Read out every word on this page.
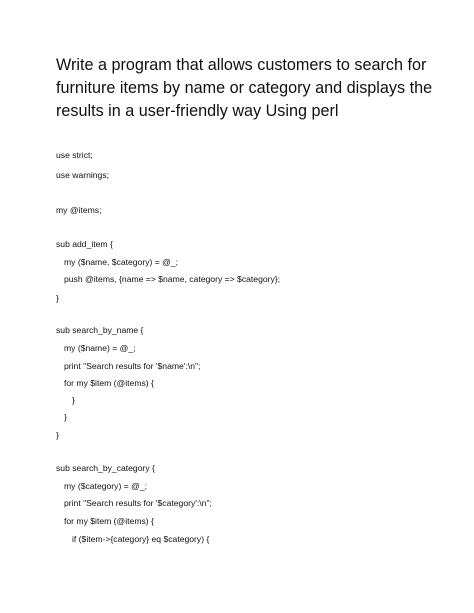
Write a program that allows customers to search for
furniture items by name or category and displays the
results in a user-friendly way Using perl
use strict;
use warnings;
my @items;
sub add_item {
my ($name, $category) = @_;
push @items, {name => $name, category => $category};
}
sub search_by_name {
my ($name) = @_;
print "Search results for '$name':\n";
for my $item (@items) {
}
}
}
sub search_by_category {
my ($category) = @_;
print "Search results for '$category':\n";
for my $item (@items) {
if ($item->{category} eq $category) {
